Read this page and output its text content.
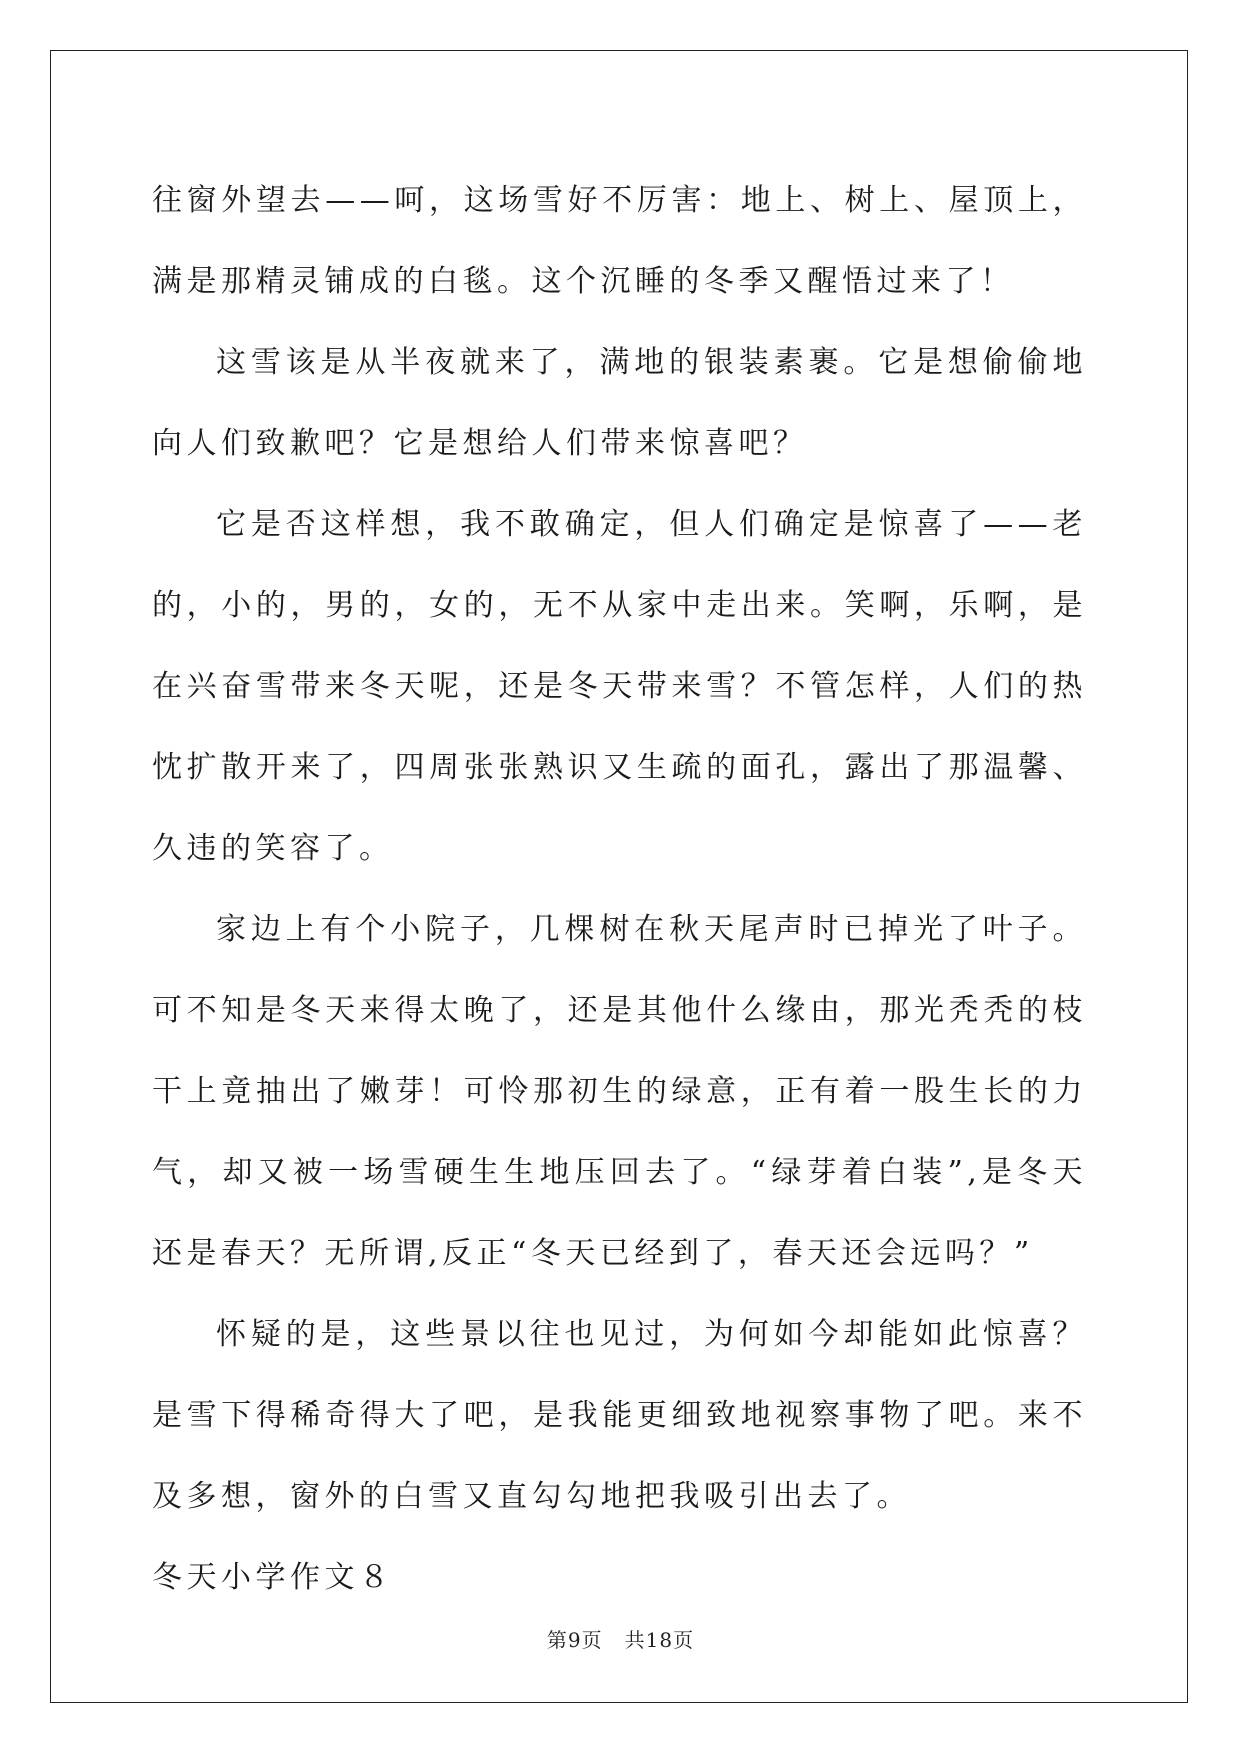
往窗外望去——呵，这场雪好不厉害：地上、树上、屋顶上，满是那精灵铺成的白毯。这个沉睡的冬季又醒悟过来了！

这雪该是从半夜就来了，满地的银装素裹。它是想偷偷地向人们致歉吧？它是想给人们带来惊喜吧？

它是否这样想，我不敢确定，但人们确定是惊喜了——老的，小的，男的，女的，无不从家中走出来。笑啊，乐啊，是在兴奋雪带来冬天呢，还是冬天带来雪？不管怎样，人们的热忱扩散开来了，四周张张熟识又生疏的面孔，露出了那温馨、久违的笑容了。

家边上有个小院子，几棵树在秋天尾声时已掉光了叶子。可不知是冬天来得太晚了，还是其他什么缘由，那光秃秃的枝干上竟抽出了嫩芽！可怜那初生的绿意，正有着一股生长的力气，却又被一场雪硬生生地压回去了。“绿芽着白装”,是冬天还是春天？无所谓,反正“冬天已经到了，春天还会远吗？”

怀疑的是，这些景以往也见过，为何如今却能如此惊喜？是雪下得稀奇得大了吧，是我能更细致地视察事物了吧。来不及多想，窗外的白雪又直勾勾地把我吸引出去了。

冬天小学作文８

第9页 共18页
